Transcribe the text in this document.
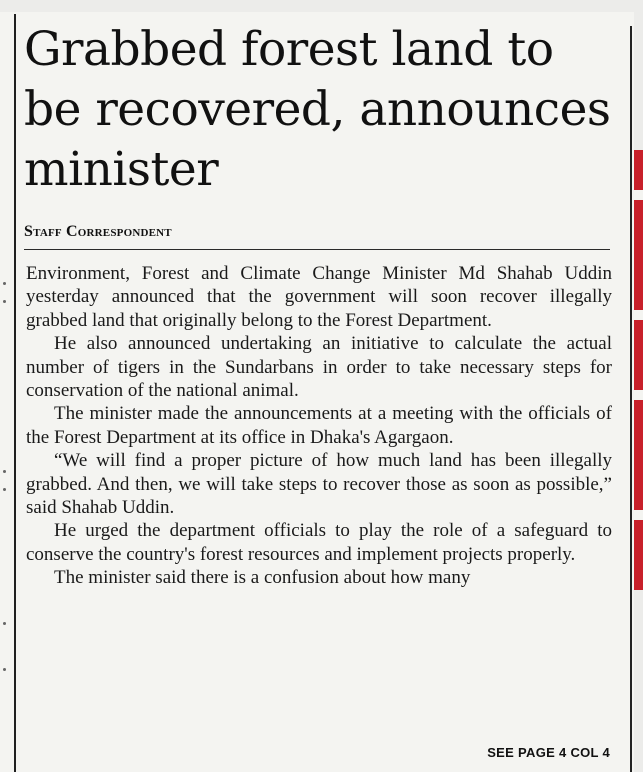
Grabbed forest land to be recovered, announces minister
Staff Correspondent

Environment, Forest and Climate Change Minister Md Shahab Uddin yesterday announced that the government will soon recover illegally grabbed land that originally belong to the Forest Department.

He also announced undertaking an initiative to calculate the actual number of tigers in the Sundarbans in order to take necessary steps for conservation of the national animal.

The minister made the announcements at a meeting with the officials of the Forest Department at its office in Dhaka's Agargaon.

“We will find a proper picture of how much land has been illegally grabbed. And then, we will take steps to recover those as soon as possible,” said Shahab Uddin.

He urged the department officials to play the role of a safeguard to conserve the country's forest resources and implement projects properly.

The minister said there is a confusion about how many

SEE PAGE 4 COL 4
